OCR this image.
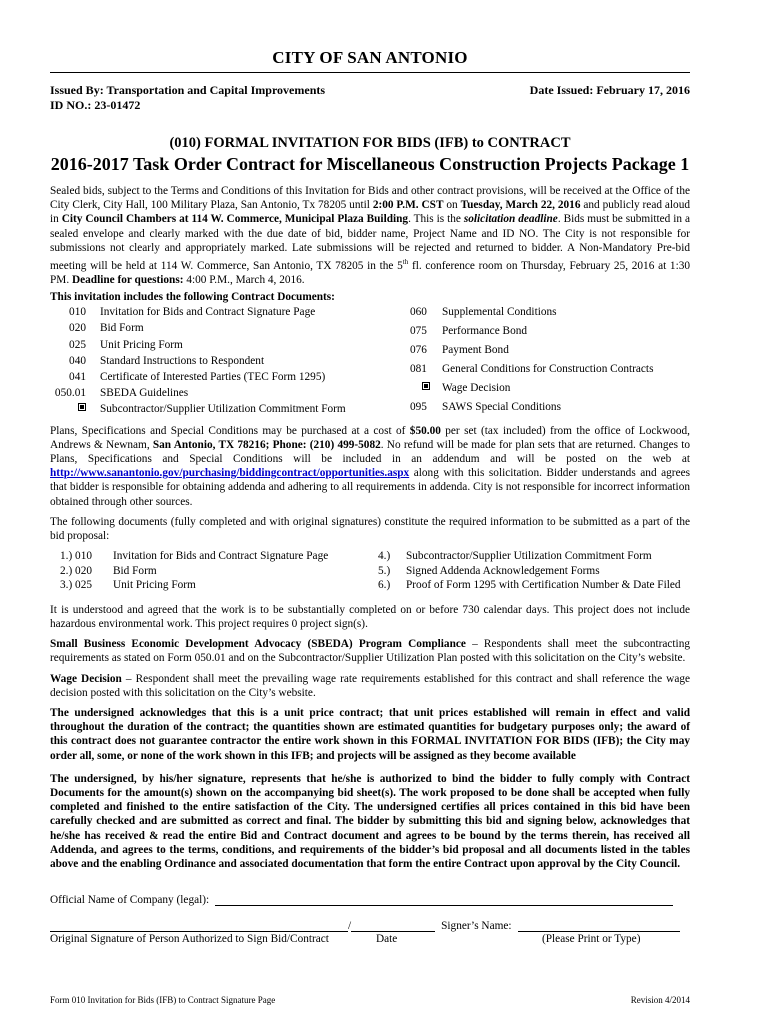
CITY OF SAN ANTONIO
Issued By: Transportation and Capital Improvements
ID NO.: 23-01472
Date Issued: February 17, 2016
(010) FORMAL INVITATION FOR BIDS (IFB) to CONTRACT
2016-2017 Task Order Contract for Miscellaneous Construction Projects Package 1

Sealed bids, subject to the Terms and Conditions of this Invitation for Bids and other contract provisions, will be received at the Office of the City Clerk, City Hall, 100 Military Plaza, San Antonio, Tx 78205 until 2:00 P.M. CST on Tuesday, March 22, 2016 and publicly read aloud in City Council Chambers at 114 W. Commerce, Municipal Plaza Building. This is the solicitation deadline. Bids must be submitted in a sealed envelope and clearly marked with the due date of bid, bidder name, Project Name and ID NO. The City is not responsible for submissions not clearly and appropriately marked. Late submissions will be rejected and returned to bidder. A Non-Mandatory Pre-bid meeting will be held at 114 W. Commerce, San Antonio, TX 78205 in the 5th fl. conference room on Thursday, February 25, 2016 at 1:30 PM. Deadline for questions: 4:00 P.M., March 4, 2016.

This invitation includes the following Contract Documents:
010	Invitation for Bids and Contract Signature Page
020	Bid Form
025	Unit Pricing Form
040	Standard Instructions to Respondent
041	Certificate of Interested Parties (TEC Form 1295)
050.01	SBEDA Guidelines
Subcontractor/Supplier Utilization Commitment Form
060	Supplemental Conditions
075	Performance Bond
076	Payment Bond
081	General Conditions for Construction Contracts
Wage Decision
095	SAWS Special Conditions

Plans, Specifications and Special Conditions may be purchased at a cost of $50.00 per set (tax included) from the office of Lockwood, Andrews & Newnam, San Antonio, TX 78216; Phone: (210) 499-5082. No refund will be made for plan sets that are returned. Changes to Plans, Specifications and Special Conditions will be included in an addendum and will be posted on the web at http://www.sanantonio.gov/purchasing/biddingcontract/opportunities.aspx along with this solicitation. Bidder understands and agrees that bidder is responsible for obtaining addenda and adhering to all requirements in addenda. City is not responsible for incorrect information obtained through other sources.

The following documents (fully completed and with original signatures) constitute the required information to be submitted as a part of the bid proposal:

1.) 010	Invitation for Bids and Contract Signature Page
2.) 020	Bid Form
3.) 025	Unit Pricing Form
4.)	Subcontractor/Supplier Utilization Commitment Form
5.)	Signed Addenda Acknowledgement Forms
6.)	Proof of Form 1295 with Certification Number & Date Filed

It is understood and agreed that the work is to be substantially completed on or before 730 calendar days. This project does not include hazardous environmental work. This project requires 0 project sign(s).

Small Business Economic Development Advocacy (SBEDA) Program Compliance – Respondents shall meet the subcontracting requirements as stated on Form 050.01 and on the Subcontractor/Supplier Utilization Plan posted with this solicitation on the City’s website.

Wage Decision – Respondent shall meet the prevailing wage rate requirements established for this contract and shall reference the wage decision posted with this solicitation on the City’s website.

The undersigned acknowledges that this is a unit price contract; that unit prices established will remain in effect and valid throughout the duration of the contract; the quantities shown are estimated quantities for budgetary purposes only; the award of this contract does not guarantee contractor the entire work shown in this FORMAL INVITATION FOR BIDS (IFB); the City may order all, some, or none of the work shown in this IFB; and projects will be assigned as they become available

The undersigned, by his/her signature, represents that he/she is authorized to bind the bidder to fully comply with Contract Documents for the amount(s) shown on the accompanying bid sheet(s). The work proposed to be done shall be accepted when fully completed and finished to the entire satisfaction of the City. The undersigned certifies all prices contained in this bid have been carefully checked and are submitted as correct and final. The bidder by submitting this bid and signing below, acknowledges that he/she has received & read the entire Bid and Contract document and agrees to be bound by the terms therein, has received all Addenda, and agrees to the terms, conditions, and requirements of the bidder’s bid proposal and all documents listed in the tables above and the enabling Ordinance and associated documentation that form the entire Contract upon approval by the City Council.

Official Name of Company (legal):
/	Signer’s Name:
Original Signature of Person Authorized to Sign Bid/Contract	Date	(Please Print or Type)
Form 010 Invitation for Bids (IFB) to Contract Signature Page	Revision 4/2014
